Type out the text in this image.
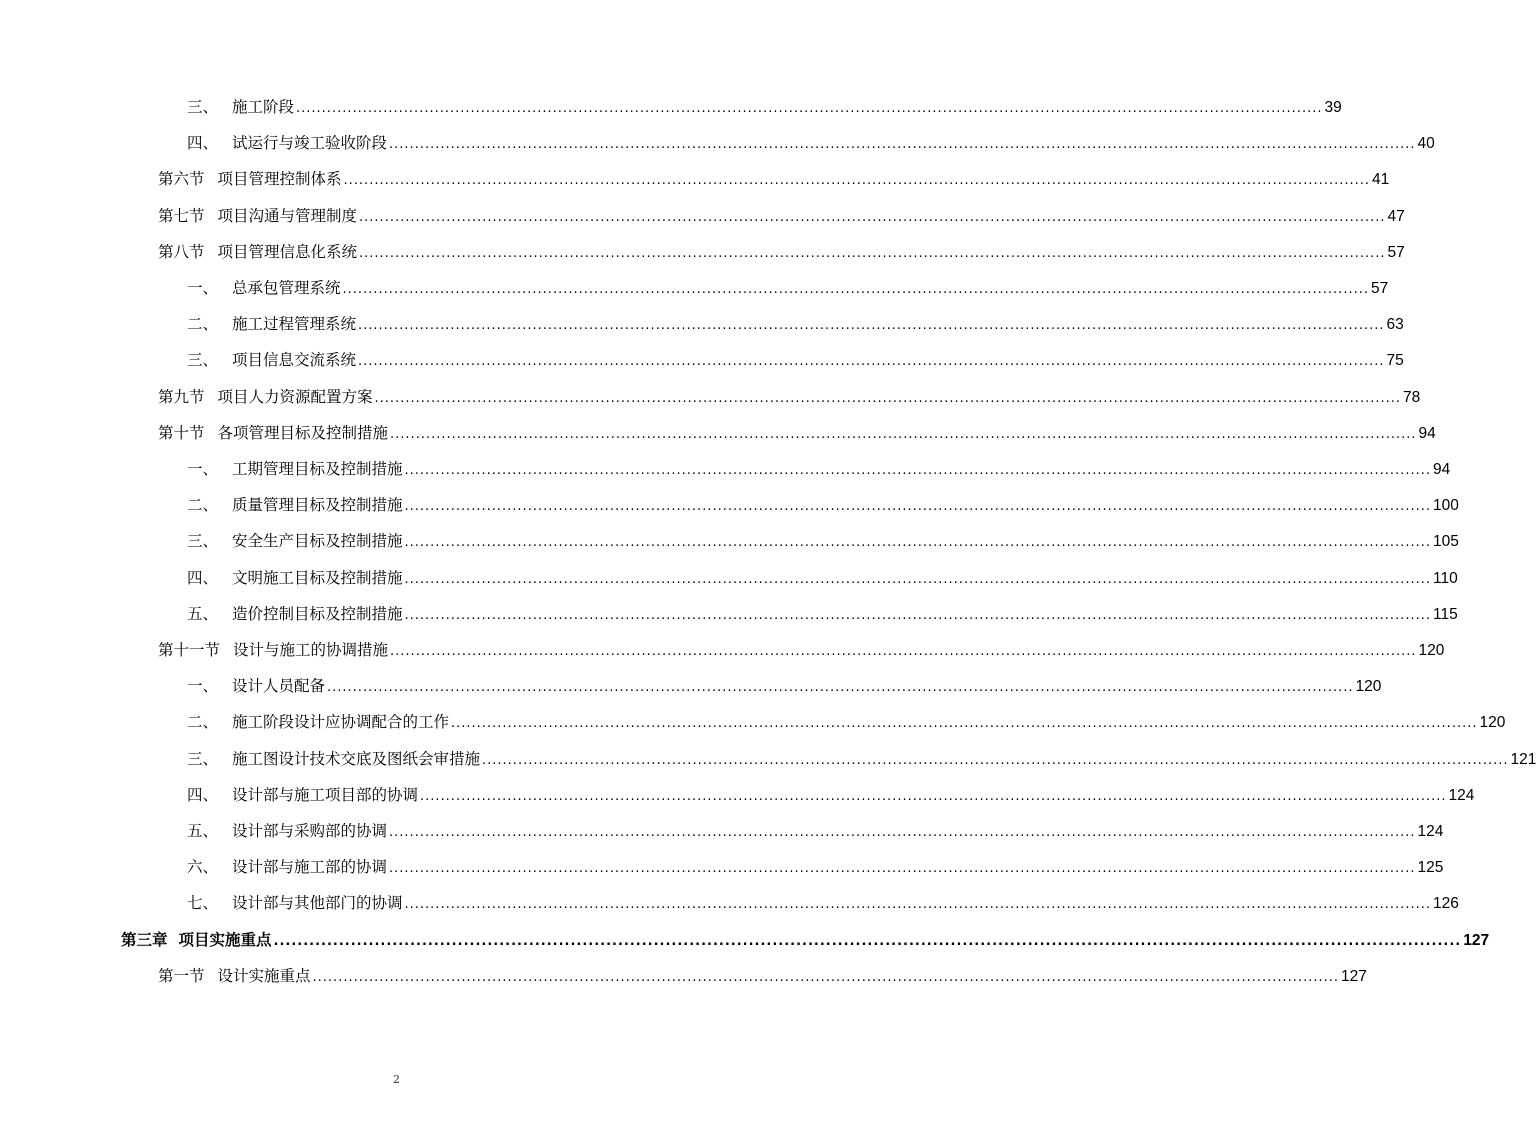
三、 施工阶段 ........................................................................................................................................................................................................ 39
四、 试运行与竣工验收阶段 ........................................................................................................................................................................................................ 40
第六节 项目管理控制体系 ........................................................................................................................................................................................................ 41
第七节 项目沟通与管理制度 ........................................................................................................................................................................................................ 47
第八节 项目管理信息化系统 ........................................................................................................................................................................................................ 57
一、 总承包管理系统 ........................................................................................................................................................................................................ 57
二、 施工过程管理系统 ........................................................................................................................................................................................................ 63
三、 项目信息交流系统 ........................................................................................................................................................................................................ 75
第九节 项目人力资源配置方案 ........................................................................................................................................................................................................ 78
第十节 各项管理目标及控制措施 ........................................................................................................................................................................................................ 94
一、 工期管理目标及控制措施 ........................................................................................................................................................................................................ 94
二、 质量管理目标及控制措施 ........................................................................................................................................................................................................ 100
三、 安全生产目标及控制措施 ........................................................................................................................................................................................................ 105
四、 文明施工目标及控制措施 ........................................................................................................................................................................................................ 110
五、 造价控制目标及控制措施 ........................................................................................................................................................................................................ 115
第十一节 设计与施工的协调措施 ........................................................................................................................................................................................................ 120
一、 设计人员配备 ........................................................................................................................................................................................................ 120
二、 施工阶段设计应协调配合的工作 ........................................................................................................................................................................................................ 120
三、 施工图设计技术交底及图纸会审措施 ........................................................................................................................................................................................................ 121
四、 设计部与施工项目部的协调 ........................................................................................................................................................................................................ 124
五、 设计部与采购部的协调 ........................................................................................................................................................................................................ 124
六、 设计部与施工部的协调 ........................................................................................................................................................................................................ 125
七、 设计部与其他部门的协调 ........................................................................................................................................................................................................ 126
第三章 项目实施重点 ........................................................................................................................................................................................................ 127
第一节 设计实施重点 ........................................................................................................................................................................................................ 127
2
